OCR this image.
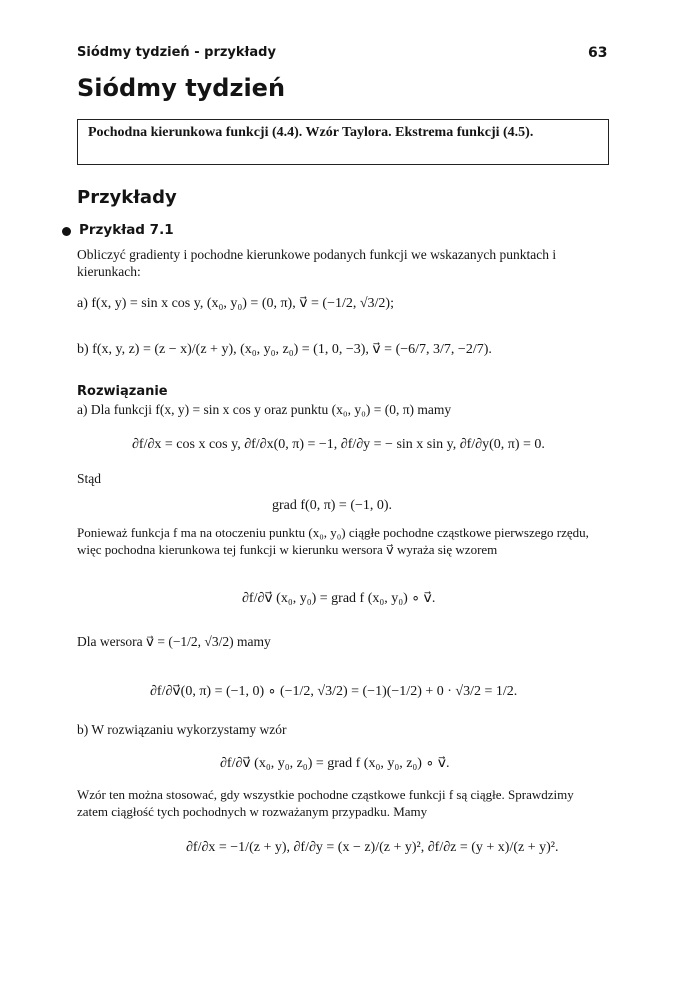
Siódmy tydzień - przykłady	63
Siódmy tydzień
Pochodna kierunkowa funkcji (4.4). Wzór Taylora. Ekstrema funkcji (4.5).
Przykłady
Przykład 7.1
Obliczyć gradienty i pochodne kierunkowe podanych funkcji we wskazanych punktach i kierunkach:
a) f(x, y) = sin x cos y, (x₀, y₀) = (0, π), v⃗ = (−1/2, √3/2);
b) f(x, y, z) = (z − x)/(z + y), (x₀, y₀, z₀) = (1, 0, −3), v⃗ = (−6/7, 3/7, −2/7).
Rozwiązanie
a) Dla funkcji f(x, y) = sin x cos y oraz punktu (x₀, y₀) = (0, π) mamy
∂f/∂x = cos x cos y, ∂f/∂x(0, π) = −1, ∂f/∂y = − sin x sin y, ∂f/∂y(0, π) = 0.
Stąd
grad f(0, π) = (−1, 0).
Ponieważ funkcja f ma na otoczeniu punktu (x₀, y₀) ciągłe pochodne cząstkowe pierwszego rzędu, więc pochodna kierunkowa tej funkcji w kierunku wersora v⃗ wyraża się wzorem
∂f/∂v⃗ (x₀, y₀) = grad f (x₀, y₀) ∘ v⃗.
Dla wersora v⃗ = (−1/2, √3/2) mamy
∂f/∂v⃗(0, π) = (−1, 0) ∘ (−1/2, √3/2) = (−1)(−1/2) + 0 · √3/2 = 1/2.
b) W rozwiązaniu wykorzystamy wzór
∂f/∂v⃗ (x₀, y₀, z₀) = grad f (x₀, y₀, z₀) ∘ v⃗.
Wzór ten można stosować, gdy wszystkie pochodne cząstkowe funkcji f są ciągłe. Sprawdzimy zatem ciągłość tych pochodnych w rozważanym przypadku. Mamy
∂f/∂x = −1/(z + y), ∂f/∂y = (x − z)/(z + y)², ∂f/∂z = (y + x)/(z + y)².
